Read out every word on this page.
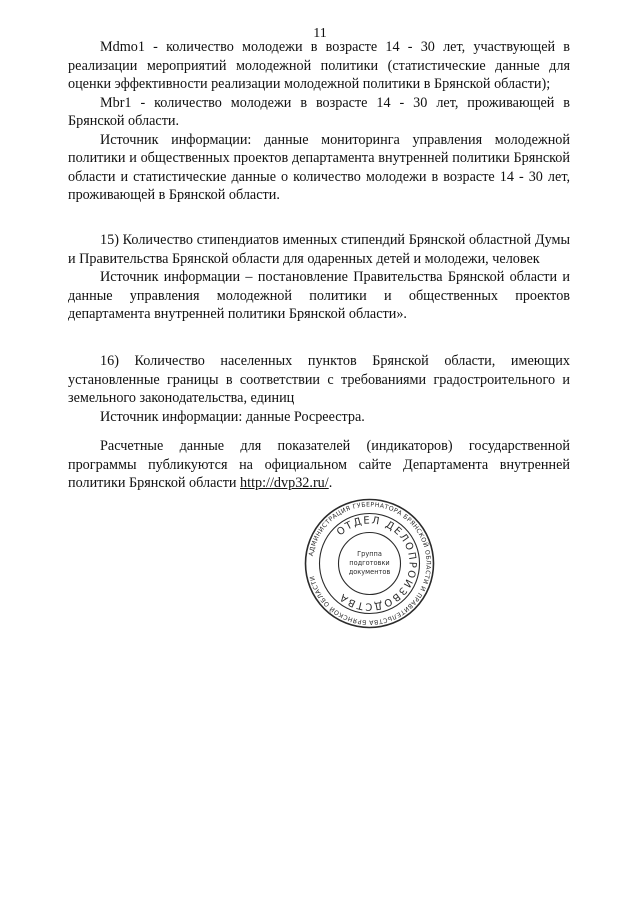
11

Mdmo1 - количество молодежи в возрасте 14 - 30 лет, участвующей в реализации мероприятий молодежной политики (статистические данные для оценки эффективности реализации молодежной политики в Брянской области);

Mbr1 - количество молодежи в возрасте 14 - 30 лет, проживающей в Брянской области.

Источник информации: данные мониторинга управления молодежной политики и общественных проектов департамента внутренней политики Брянской области и статистические данные о количество молодежи в возрасте 14 - 30 лет, проживающей в Брянской области.

15) Количество стипендиатов именных стипендий Брянской областной Думы и Правительства Брянской области для одаренных детей и молодежи, человек

Источник информации – постановление Правительства Брянской области и данные управления молодежной политики и общественных проектов департамента внутренней политики Брянской области».

16) Количество населенных пунктов Брянской области, имеющих установленные границы в соответствии с требованиями градостроительного и земельного законодательства, единиц

Источник информации: данные Росреестра.

Расчетные данные для показателей (индикаторов) государственной программы публикуются на официальном сайте Департамента внутренней политики Брянской области http://dvp32.ru/.

АДМИНИСТРАЦИЯ ГУБЕРНАТОРА БРЯНСКОЙ ОБЛАСТИ И ПРАВИТЕЛЬСТВА БРЯНСКОЙ ОБЛАСТИ
ОТДЕЛ ДЕЛОПРОИЗВОДСТВА
Группа
подготовки
документов
